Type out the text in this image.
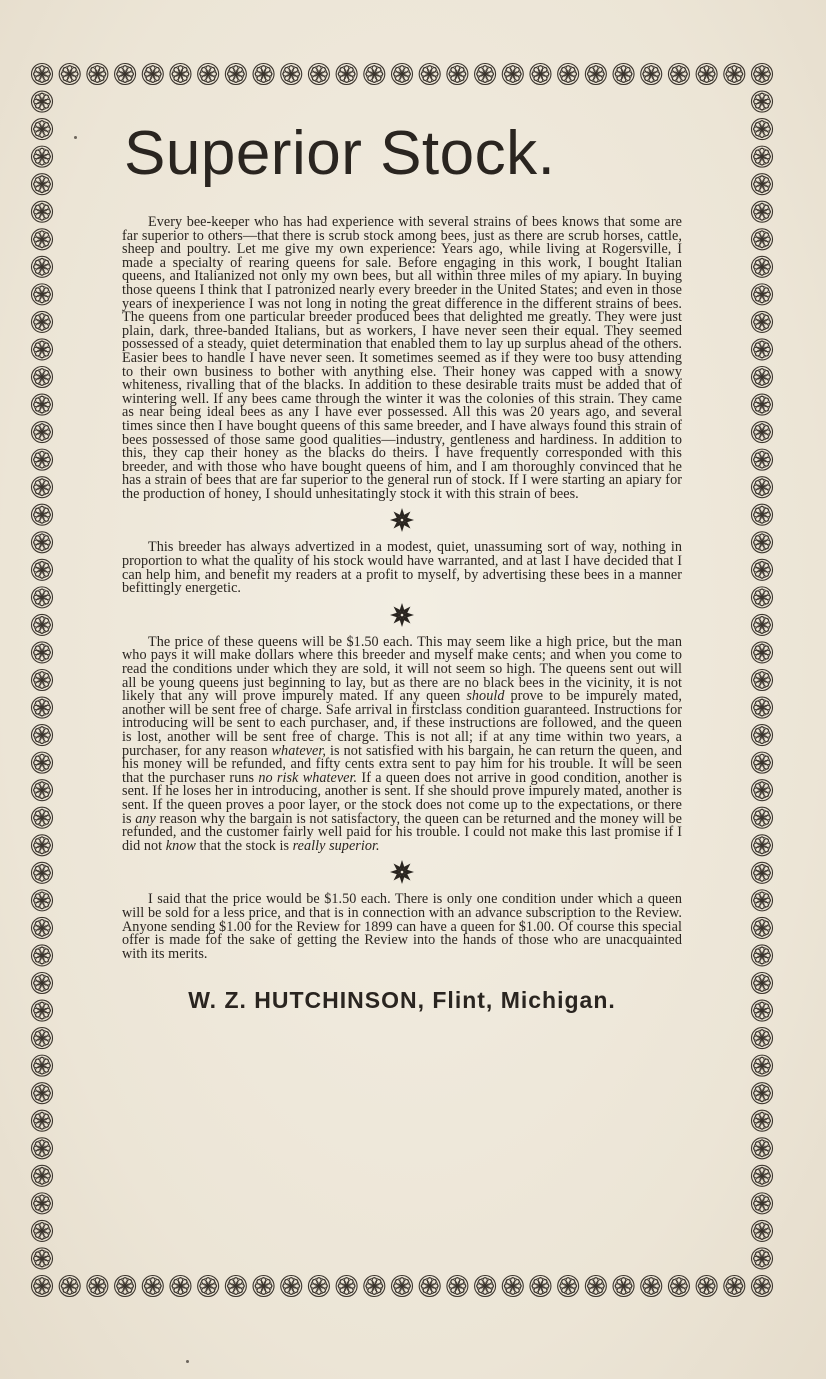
Superior Stock.

Every bee-keeper who has had experience with several strains of bees knows that some are far superior to others—that there is scrub stock among bees, just as there are scrub horses, cattle, sheep and poultry. Let me give my own experience: Years ago, while living at Rogersville, I made a specialty of rearing queens for sale. Before engaging in this work, I bought Italian queens, and Italianized not only my own bees, but all within three miles of my apiary. In buying those queens I think that I patronized nearly every breeder in the United States; and even in those years of inexperience I was not long in noting the great difference in the different strains of bees. The queens from one particular breeder produced bees that delighted me greatly. They were just plain, dark, three-banded Italians, but as workers, I have never seen their equal. They seemed possessed of a steady, quiet determination that enabled them to lay up surplus ahead of the others. Easier bees to handle I have never seen. It sometimes seemed as if they were too busy attending to their own business to bother with anything else. Their honey was capped with a snowy whiteness, rivalling that of the blacks. In addition to these desirable traits must be added that of wintering well. If any bees came through the winter it was the colonies of this strain. They came as near being ideal bees as any I have ever possessed. All this was 20 years ago, and several times since then I have bought queens of this same breeder, and I have always found this strain of bees possessed of those same good qualities—industry, gentleness and hardiness. In addition to this, they cap their honey as the blacks do theirs. I have frequently corresponded with this breeder, and with those who have bought queens of him, and I am thoroughly convinced that he has a strain of bees that are far superior to the general run of stock. If I were starting an apiary for the production of honey, I should unhesitatingly stock it with this strain of bees.

This breeder has always advertized in a modest, quiet, unassuming sort of way, nothing in proportion to what the quality of his stock would have warranted, and at last I have decided that I can help him, and benefit my readers at a profit to myself, by advertising these bees in a manner befittingly energetic.

The price of these queens will be $1.50 each. This may seem like a high price, but the man who pays it will make dollars where this breeder and myself make cents; and when you come to read the conditions under which they are sold, it will not seem so high. The queens sent out will all be young queens just beginning to lay, but as there are no black bees in the vicinity, it is not likely that any will prove impurely mated. If any queen should prove to be impurely mated, another will be sent free of charge. Safe arrival in firstclass condition guaranteed. Instructions for introducing will be sent to each purchaser, and, if these instructions are followed, and the queen is lost, another will be sent free of charge. This is not all; if at any time within two years, a purchaser, for any reason whatever, is not satisfied with his bargain, he can return the queen, and his money will be refunded, and fifty cents extra sent to pay him for his trouble. It will be seen that the purchaser runs no risk whatever. If a queen does not arrive in good condition, another is sent. If he loses her in introducing, another is sent. If she should prove impurely mated, another is sent. If the queen proves a poor layer, or the stock does not come up to the expectations, or there is any reason why the bargain is not satisfactory, the queen can be returned and the money will be refunded, and the customer fairly well paid for his trouble. I could not make this last promise if I did not know that the stock is really superior.

I said that the price would be $1.50 each. There is only one condition under which a queen will be sold for a less price, and that is in connection with an advance subscription to the Review. Anyone sending $1.00 for the Review for 1899 can have a queen for $1.00. Of course this special offer is made fof the sake of getting the Review into the hands of those who are unacquainted with its merits.

W. Z. HUTCHINSON, Flint, Michigan.
